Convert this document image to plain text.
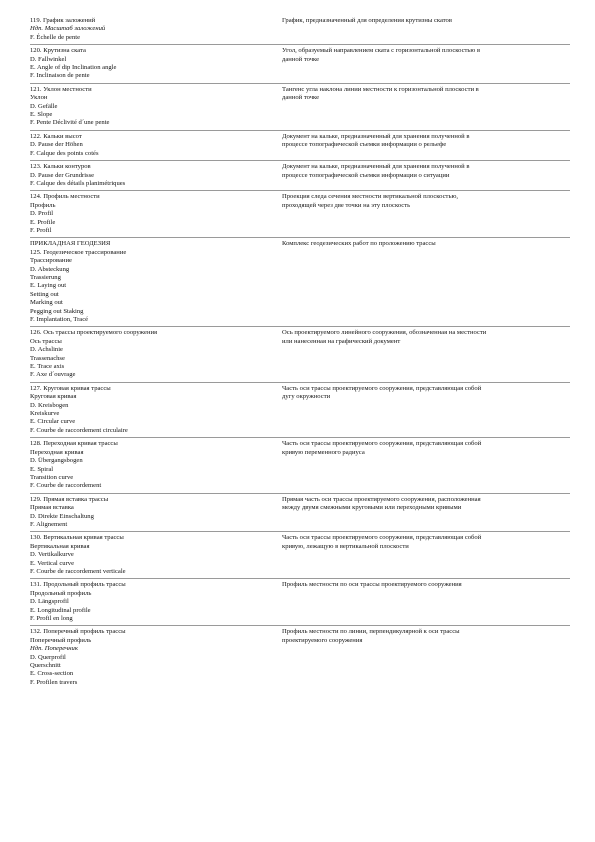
119. График заложений
Ндп. Масштаб заложений
F. Échelle de pente
График, предназначенный для определения крутизны скатов
120. Крутизна ската
D. Fallwinkel
E. Angle of dip Inclination angle
F. Inclinaison de pente
Угол, образуемый направлением ската с горизонтальной плоскостью в
данной точке
121. Уклон местности
Уклон
D. Gefälle
E. Slope
F. Pente Déclivité d´une pente
Тангенс угла наклона линии местности к горизонтальной плоскости в
данной точке
122. Кальки высот
D. Pause der Höhen
F. Calque des points cotés
Документ на кальке, предназначенный для хранения полученной в
процессе топографической съемки информации о рельефе
123. Кальки контуров
D. Pause der Grundrisse
F. Calque des détails planimétriques
Документ на кальке, предназначенный для хранения полученной в
процессе топографической съемки информации о ситуации
124. Профиль местности
Профиль
D. Profil
E. Profile
F. Profil
Проекция следа сечения местности вертикальной плоскостью,
проходящей через две точки на эту плоскость
ПРИКЛАДНАЯ ГЕОДЕЗИЯ
125. Геодезическое трассирование
Трассирование
D. Absteckung
Trassierung
E. Laying out
Setting out
Marking out
Pegging out Staking
F. Implantation, Tracé
Комплекс геодезических работ по проложению трассы
126. Ось трассы проектируемого сооружения
Ось трассы
D. Achslinie
Trassenachse
E. Trace axis
F. Axe d´ouvrage
Ось проектируемого линейного сооружения, обозначенная на местности
или нанесенная на графический документ
127. Круговая кривая трассы
Круговая кривая
D. Kreisbogen
Kreiskurve
E. Circular curve
F. Courbe de raccordement circulaire
Часть оси трассы проектируемого сооружения, представляющая собой
дугу окружности
128. Переходная кривая трассы
Переходная кривая
D. Übergangsbogen
E. Spiral
Transition curve
F. Courbe de raccordement
Часть оси трассы проектируемого сооружения, представляющая собой
кривую переменного радиуса
129. Прямая вставка трассы
Прямая вставка
D. Direkte Einschaltung
F. Alignement
Прямая часть оси трассы проектируемого сооружения, расположенная
между двумя смежными круговыми или переходными кривыми
130. Вертикальная кривая трассы
Вертикальная кривая
D. Vertikalkurve
E. Vertical curve
F. Courbe de raccordement verticale
Часть оси трассы проектируемого сооружения, представляющая собой
кривую, лежащую в вертикальной плоскости
131. Продольный профиль трассы
Продольный профиль
D. Längsprofil
E. Longitudinal profile
F. Profil en long
Профиль местности по оси трассы проектируемого сооружения
132. Поперечный профиль трассы
Поперечный профиль
Ндп. Поперечник
D. Querprofil
Querschnitt
E. Cross-section
F. Profilen travers
Профиль местности по линии, перпендикулярной к оси трассы
проектируемого сооружения
